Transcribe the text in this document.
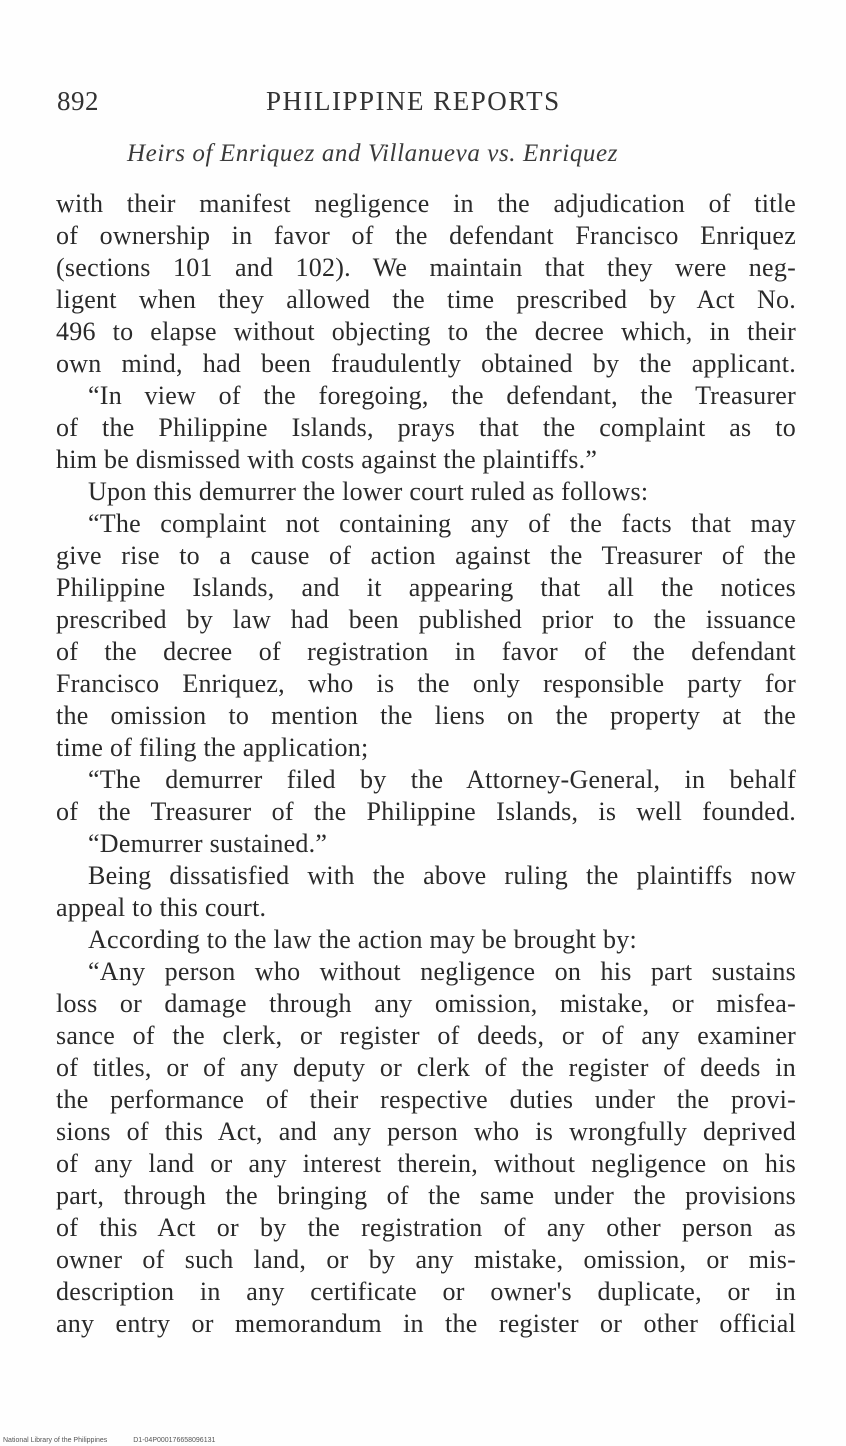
892	PHILIPPINE REPORTS
Heirs of Enriquez and Villanueva vs. Enriquez
with their manifest negligence in the adjudication of title
of ownership in favor of the defendant Francisco Enriquez
(sections 101 and 102). We maintain that they were neg-
ligent when they allowed the time prescribed by Act No.
496 to elapse without objecting to the decree which, in their
own mind, had been fraudulently obtained by the applicant.
“In view of the foregoing, the defendant, the Treasurer
of the Philippine Islands, prays that the complaint as to
him be dismissed with costs against the plaintiffs.”
Upon this demurrer the lower court ruled as follows:
“The complaint not containing any of the facts that may
give rise to a cause of action against the Treasurer of the
Philippine Islands, and it appearing that all the notices
prescribed by law had been published prior to the issuance
of the decree of registration in favor of the defendant
Francisco Enriquez, who is the only responsible party for
the omission to mention the liens on the property at the
time of filing the application;
“The demurrer filed by the Attorney-General, in behalf
of the Treasurer of the Philippine Islands, is well founded.
“Demurrer sustained.”
Being dissatisfied with the above ruling the plaintiffs now
appeal to this court.
According to the law the action may be brought by:
“Any person who without negligence on his part sustains
loss or damage through any omission, mistake, or misfea-
sance of the clerk, or register of deeds, or of any examiner
of titles, or of any deputy or clerk of the register of deeds in
the performance of their respective duties under the provi-
sions of this Act, and any person who is wrongfully deprived
of any land or any interest therein, without negligence on his
part, through the bringing of the same under the provisions
of this Act or by the registration of any other person as
owner of such land, or by any mistake, omission, or mis-
description in any certificate or owner's duplicate, or in
any entry or memorandum in the register or other official
National Library of the Philippines	D1-04P000176658096131
